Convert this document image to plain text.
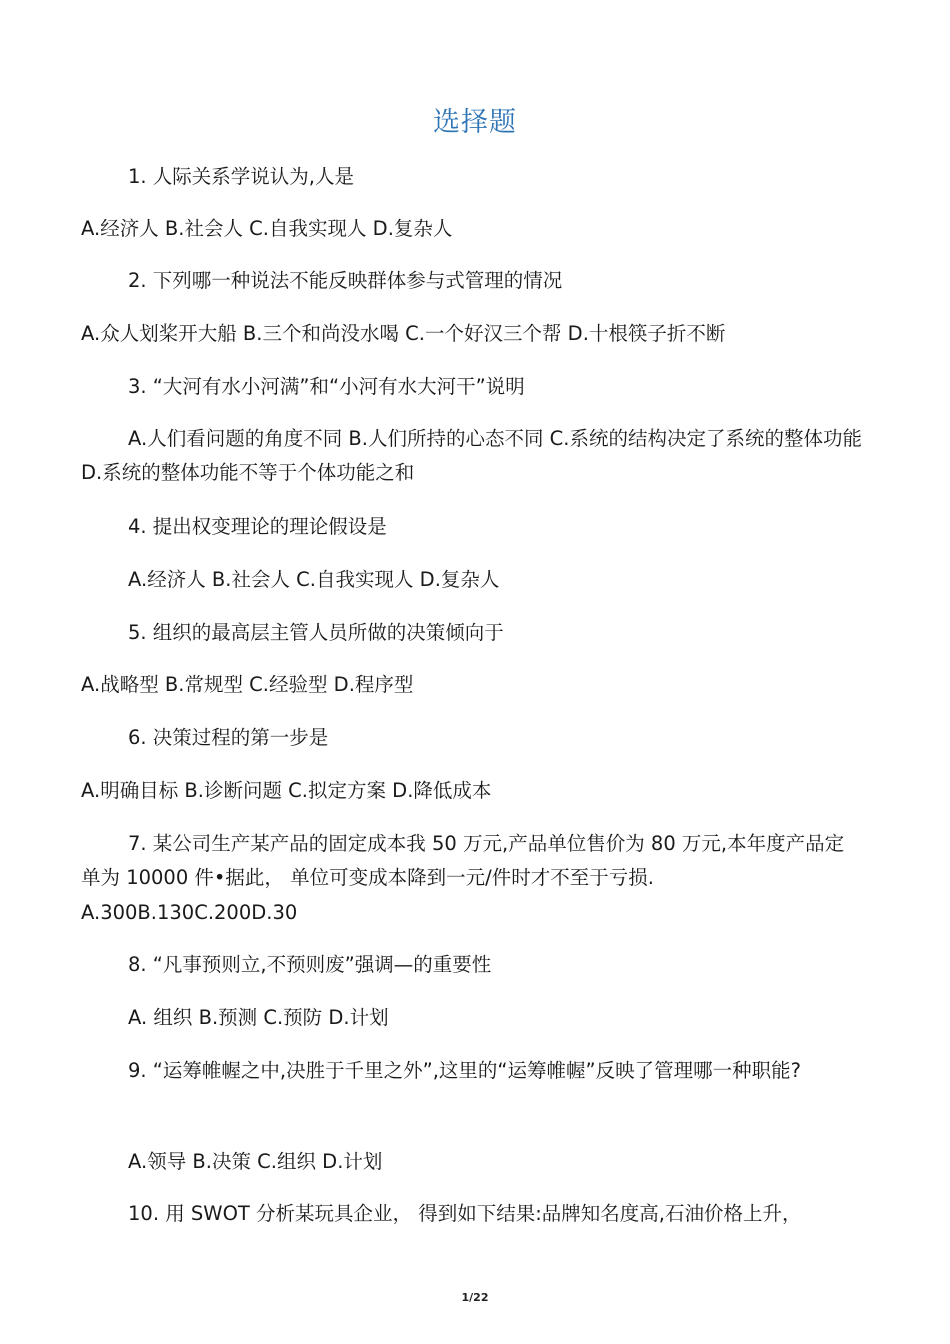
选择题
1. 人际关系学说认为,人是
A.经济人 B.社会人 C.自我实现人 D.复杂人
2. 下列哪一种说法不能反映群体参与式管理的情况
A.众人划桨开大船 B.三个和尚没水喝 C.一个好汉三个帮 D.十根筷子折不断
3. “大河有水小河满”和“小河有水大河干”说明
A.人们看问题的角度不同 B.人们所持的心态不同 C.系统的结构决定了系统的整体功能 D.系统的整体功能不等于个体功能之和
4. 提出权变理论的理论假设是
A.经济人 B.社会人 C.自我实现人 D.复杂人
5. 组织的最高层主管人员所做的决策倾向于
A.战略型 B.常规型 C.经验型 D.程序型
6. 决策过程的第一步是
A.明确目标 B.诊断问题 C.拟定方案 D.降低成本
7. 某公司生产某产品的固定成本我 50 万元,产品单位售价为 80 万元,本年度产品定单为 10000 件•据此， 单位可变成本降到一元/件时才不至于亏损.
A.300B.130C.200D.30
8. “凡事预则立,不预则废”强调—的重要性
A. 组织 B.预测 C.预防 D.计划
9. “运筹帷幄之中,决胜于千里之外”,这里的“运筹帷幄”反映了管理哪一种职能?
A.领导 B.决策 C.组织 D.计划
10. 用 SWOT 分析某玩具企业， 得到如下结果:品牌知名度高,石油价格上升，
1/22
